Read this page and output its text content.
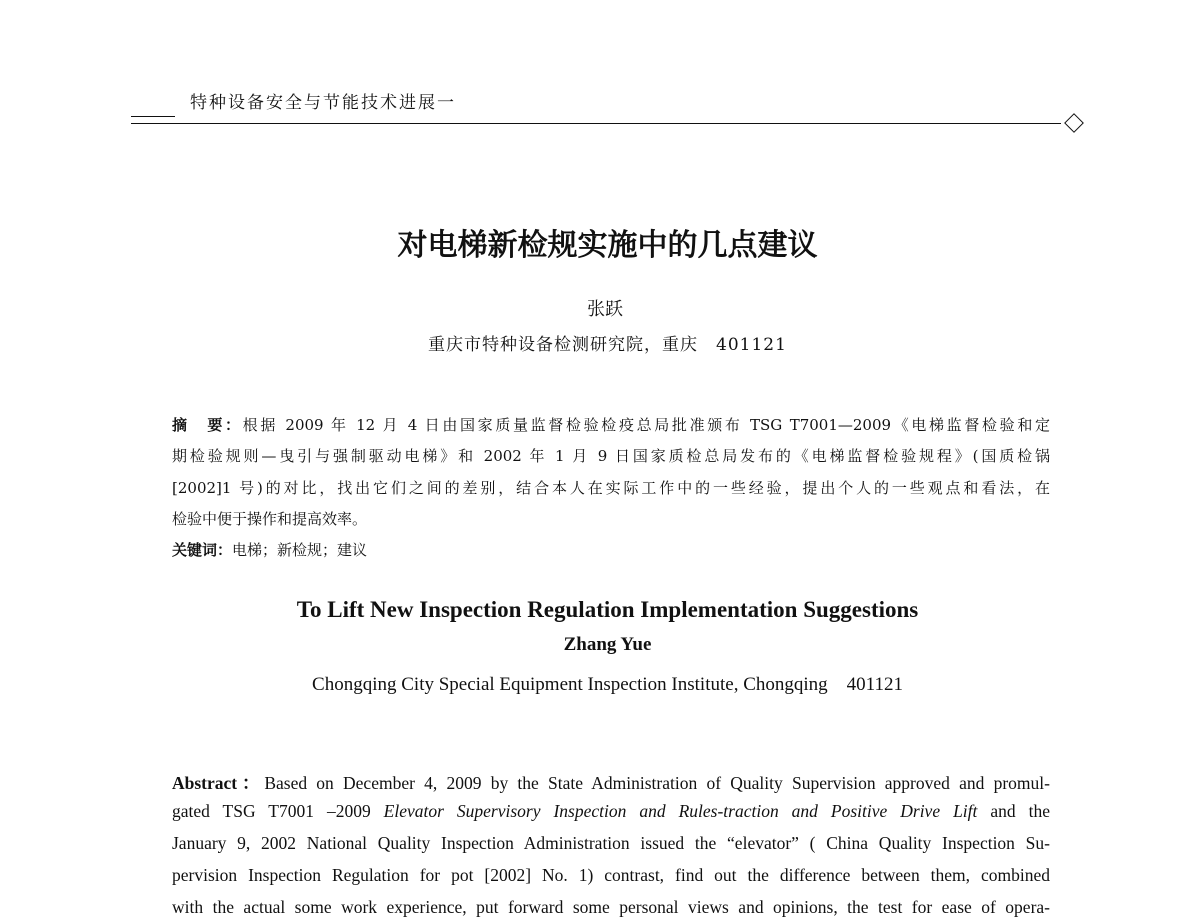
特种设备安全与节能技术进展一
对电梯新检规实施中的几点建议
张跃
重庆市特种设备检测研究院，重庆　401121
摘　要：根据 2009 年 12 月 4 日由国家质量监督检验检疫总局批准颁布 TSG T7001—2009《电梯监督检验和定
期检验规则—曳引与强制驱动电梯》和 2002 年 1 月 9 日国家质检总局发布的《电梯监督检验规程》(国质检锅
[2002]1 号)的对比，找出它们之间的差别，结合本人在实际工作中的一些经验，提出个人的一些观点和看法，在
检验中便于操作和提高效率。
关键词：电梯；新检规；建议
To Lift New Inspection Regulation Implementation Suggestions
Zhang Yue
Chongqing City Special Equipment Inspection Institute, Chongqing　401121
Abstract：Based on December 4, 2009 by the State Administration of Quality Supervision approved and promul-
gated TSG T7001 –2009 Elevator Supervisory Inspection and Rules-traction and Positive Drive Lift and the
January 9, 2002 National Quality Inspection Administration issued the “elevator” ( China Quality Inspection Su-
pervision Inspection Regulation for pot [2002] No. 1) contrast, find out the difference between them, combined
with the actual some work experience, put forward some personal views and opinions, the test for ease of opera-
